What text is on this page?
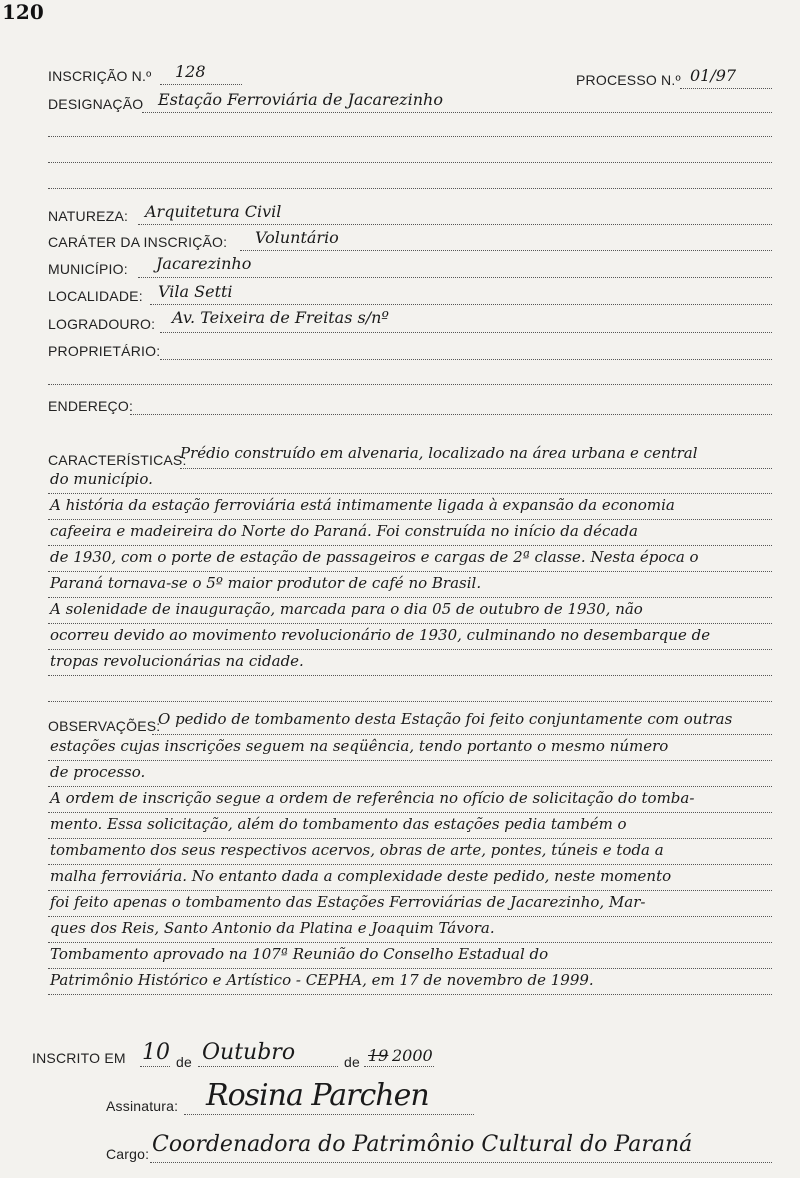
120
INSCRIÇÃO N.º 128	PROCESSO N.º 01/97
DESIGNAÇÃO Estação Ferroviária de Jacarezinho
NATUREZA: Arquitetura Civil
CARÁTER DA INSCRIÇÃO: Voluntário
MUNICÍPIO: Jacarezinho
LOCALIDADE: Vila Setti
LOGRADOURO: Av. Teixeira de Freitas s/nº
PROPRIETÁRIO:
ENDEREÇO:
CARACTERÍSTICAS:
Prédio construído em alvenaria, localizado na área urbana e central
do município.
A história da estação ferroviária está intimamente ligada à expansão da economia
cafeeira e madeireira do Norte do Paraná. Foi construída no início da década
de 1930, com o porte de estação de passageiros e cargas de 2ª classe. Nesta época o
Paraná tornava-se o 5º maior produtor de café no Brasil.
A solenidade de inauguração, marcada para o dia 05 de outubro de 1930, não
ocorreu devido ao movimento revolucionário de 1930, culminando no desembarque de
tropas revolucionárias na cidade.
OBSERVAÇÕES:
O pedido de tombamento desta Estação foi feito conjuntamente com outras
estações cujas inscrições seguem na seqüência, tendo portanto o mesmo número
de processo.
A ordem de inscrição segue a ordem de referência no ofício de solicitação do tomba-
mento. Essa solicitação, além do tombamento das estações pedia também o
tombamento dos seus respectivos acervos, obras de arte, pontes, túneis e toda a
malha ferroviária. No entanto dada a complexidade deste pedido, neste momento
foi feito apenas o tombamento das Estações Ferroviárias de Jacarezinho, Mar-
ques dos Reis, Santo Antonio da Platina e Joaquim Távora.
Tombamento aprovado na 107ª Reunião do Conselho Estadual do
Patrimônio Histórico e Artístico - CEPHA, em 17 de novembro de 1999.
INSCRITO EM 10 de Outubro	de 19 2000
Assinatura: Rosina Parchen
Cargo: Coordenadora do Patrimônio Cultural do Paraná
